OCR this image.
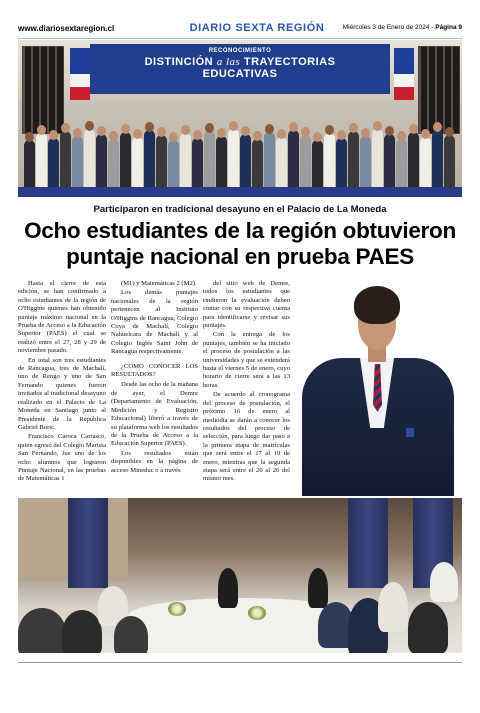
www.diariosextaregion.cl	DIARIO SEXTA REGIÓN	Miércoles 3 de Enero de 2024 - Página 9
RECONOCIMIENTO
DISTINCIÓN a las TRAYECTORIAS
EDUCATIVAS
Participaron en tradicional desayuno en el Palacio de La Moneda
Ocho estudiantes de la región obtuvieron puntaje nacional en prueba PAES

Hasta el cierre de esta edición, se han confirmado a ocho estudiantes de la región de O'Higgins quienes han obtenido puntaje máximo nacional en la Prueba de Acceso a la Educación Superior (PAES) el cual se realizó entre el 27, 28 y 29 de noviembre pasado.

En total son tres estudiantes de Rancagua, tres de Machalí, uno de Rengo y uno de San Fernando quienes fueron invitados al tradicional desayuno realizado en el Palacio de La Moneda en Santiago junto al Presidente de la República Gabriel Boric.

Francisco Caroca Carrasco, quien egresó del Colegio Marista San Fernando, fue uno de los ocho alumnos que lograron Puntaje Nacional, en las pruebas de Matemáticas 1

(M1) y Matemáticas 2 (M2).

Los demás puntajes nacionales de la región pertenecen al Instituto O'Higgins de Rancagua, Colegio Coya de Machalí, Colegio Nahuelcara de Machalí y al Colegio Inglés Saint John de Rancagua respectivamente.

¿CÓMO CONOCER LOS RESULTADOS?

Desde las ocho de la mañana de ayer, el Demre (Departamento de Evaluación, Medición y Registro Educacional) liberó a través de su plataforma web los resultados de la Prueba de Acceso a la Educación Superior (PAES).

Los resultados están disponibles en la página de acceso Mineduc o a través

del sitio web de Demre, todos los estudiantes que rindieron la evaluación deben contar con su respectiva cuenta para identificarse y revisar sus puntajes.

Con la entrega de los puntajes, también se ha iniciado el proceso de postulación a las universidades y que se extenderá hasta el viernes 5 de enero, cuyo horario de cierre será a las 13 horas.

De acuerdo al cronograma del proceso de postulación, el próximo 16 de enero al mediodía se darán a conocer los resultados del proceso de selección, para luego dar paso a la primera etapa de matrículas que será entre el 17 al 19 de enero, mientras que la segunda etapa será entre el 20 al 26 del mismo mes.
